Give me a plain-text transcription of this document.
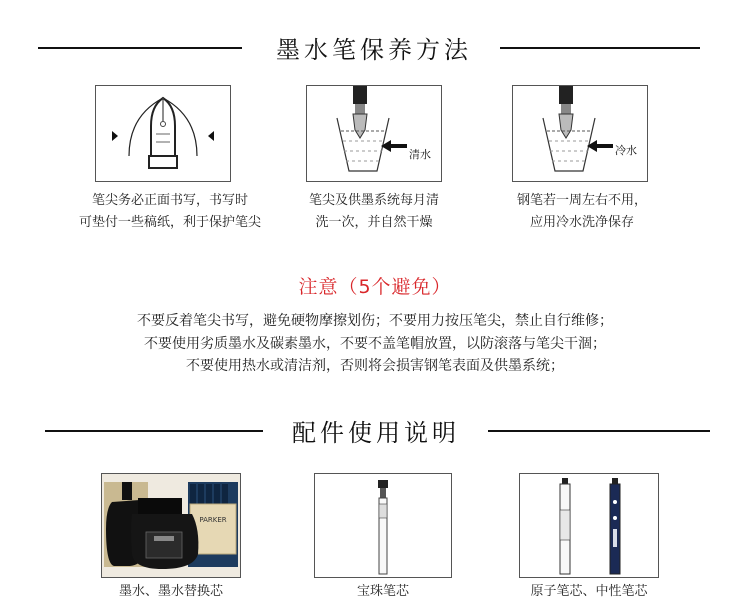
墨水笔保养方法
清水	冷水
笔尖务必正面书写，书写时
可垫付一些稿纸，利于保护笔尖
笔尖及供墨系统每月清
洗一次，并自然干燥
钢笔若一周左右不用，
应用冷水洗净保存
注意（5个避免）
不要反着笔尖书写，避免硬物摩擦划伤；不要用力按压笔尖，禁止自行维修；
不要使用劣质墨水及碳素墨水，不要不盖笔帽放置，以防滚落与笔尖干涸；
不要使用热水或清洁剂，否则将会损害钢笔表面及供墨系统；
配件使用说明
PARKER
墨水、墨水替换芯	宝珠笔芯	原子笔芯、中性笔芯
